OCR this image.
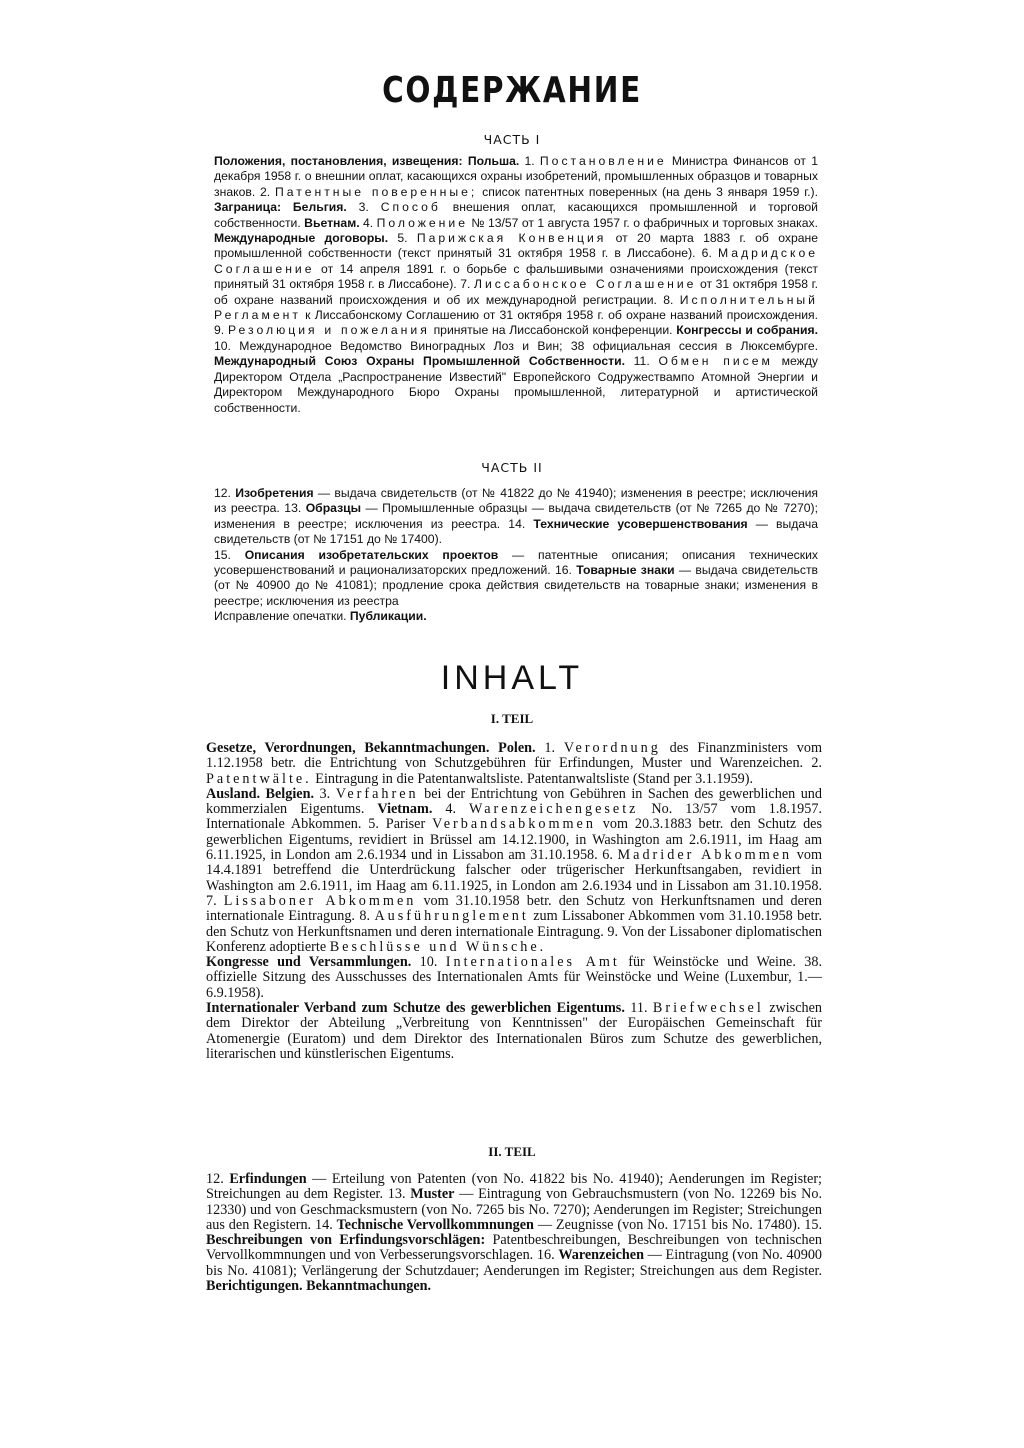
СОДЕРЖАНИЕ
ЧАСТЬ I

Положения, постановления, извещения: Польша. 1. Постановление Министра Финансов от 1 декабря 1958 г. о внешнии оплат, касающихся охраны изобретений, промышленных образцов и товарных знаков. 2. Патентные поверенные; список патентных поверенных (на день 3 января 1959 г.). Заграница: Бельгия. 3. Способ внешения оплат, касающихся промышленной и торговой собственности. Вьетнам. 4. Положение № 13/57 от 1 августа 1957 г. о фабричных и торговых знаках. Международные договоры. 5. Парижская Конвенция от 20 марта 1883 г. об охране промышленной собственности (текст принятый 31 октября 1958 г. в Лиссабоне). 6. Мадридское Соглашение от 14 апреля 1891 г. о борьбе с фальшивыми означениями происхождения (текст принятый 31 октября 1958 г. в Лиссабоне). 7. Лиссабонское Соглашение от 31 октября 1958 г. об охране названий происхождения и об их международной регистрации. 8. Исполнительный Регламент к Лиссабонскому Соглашению от 31 октября 1958 г. об охране названий происхождения. 9. Резолюция и пожелания принятые на Лиссабонской конференции. Конгрессы и собрания. 10. Международное Ведомство Виноградных Лоз и Вин; 38 официальная сессия в Люксембурге. Международный Союз Охраны Промышленной Собственности. 11. Обмен писем между Директором Отдела „Распространение Известий" Европейского Содружествампо Атомной Энергии и Директором Международного Бюро Охраны промышленной, литературной и артистической собственности.

ЧАСТЬ II

12. Изобретения — выдача свидетельств (от № 41822 до № 41940); изменения в реестре; исключения из реестра. 13. Образцы — Промышленные образцы — выдача свидетельств (от № 7265 до № 7270); изменения в реестре; исключения из реестра. 14. Технические усовершенствования — выдача свидетельств (от № 17151 до № 17400).

15. Описания изобретательских проектов — патентные описания; описания технических усовершенствований и рационализаторских предложений. 16. Товарные знаки — выдача свидетельств (от № 40900 до № 41081); продление срока действия свидетельств на товарные знаки; изменения в реестре; исключения из реестра

Исправление опечатки. Публикации.

INHALT
I. TEIL

Gesetze, Verordnungen, Bekanntmachungen. Polen. 1. Verordnung des Finanzministers vom 1.12.1958 betr. die Entrichtung von Schutzgebühren für Erfindungen, Muster und Warenzeichen. 2. Patentwälte. Eintragung in die Patentanwaltsliste. Patentanwaltsliste (Stand per 3.1.1959).

Ausland. Belgien. 3. Verfahren bei der Entrichtung von Gebühren in Sachen des gewerblichen und kommerzialen Eigentums. Vietnam. 4. Warenzeichengesetz No. 13/57 vom 1.8.1957. Internationale Abkommen. 5. Pariser Verbandsabkommen vom 20.3.1883 betr. den Schutz des gewerblichen Eigentums, revidiert in Brüssel am 14.12.1900, in Washington am 2.6.1911, im Haag am 6.11.1925, in London am 2.6.1934 und in Lissabon am 31.10.1958. 6. Madrider Abkommen vom 14.4.1891 betreffend die Unterdrückung falscher oder trügerischer Herkunftsangaben, revidiert in Washington am 2.6.1911, im Haag am 6.11.1925, in London am 2.6.1934 und in Lissabon am 31.10.1958. 7. Lissaboner Abkommen vom 31.10.1958 betr. den Schutz von Herkunftsnamen und deren internationale Eintragung. 8. Ausführunglement zum Lissaboner Abkommen vom 31.10.1958 betr. den Schutz von Herkunftsnamen und deren internationale Eintragung. 9. Von der Lissaboner diplomatischen Konferenz adoptierte Beschlüsse und Wünsche.

Kongresse und Versammlungen. 10. Internationales Amt für Weinstöcke und Weine. 38. offizielle Sitzung des Ausschusses des Internationalen Amts für Weinstöcke und Weine (Luxembur, 1.—6.9.1958).

Internationaler Verband zum Schutze des gewerblichen Eigentums. 11. Briefwechsel zwischen dem Direktor der Abteilung „Verbreitung von Kenntnissen" der Europäischen Gemeinschaft für Atomenergie (Euratom) und dem Direktor des Internationalen Büros zum Schutze des gewerblichen, literarischen und künstlerischen Eigentums.

II. TEIL

12. Erfindungen — Erteilung von Patenten (von No. 41822 bis No. 41940); Aenderungen im Register; Streichungen au dem Register. 13. Muster — Eintragung von Gebrauchsmustern (von No. 12269 bis No. 12330) und von Geschmacksmustern (von No. 7265 bis No. 7270); Aenderungen im Register; Streichungen aus den Registern. 14. Technische Vervollkommnungen — Zeugnisse (von No. 17151 bis No. 17480). 15. Beschreibungen von Erfindungsvorschlägen: Patentbeschreibungen, Beschreibungen von technischen Vervollkommnungen und von Verbesserungsvorschlagen. 16. Warenzeichen — Eintragung (von No. 40900 bis No. 41081); Verlängerung der Schutzdauer; Aenderungen im Register; Streichungen aus dem Register. Berichtigungen. Bekanntmachungen.
